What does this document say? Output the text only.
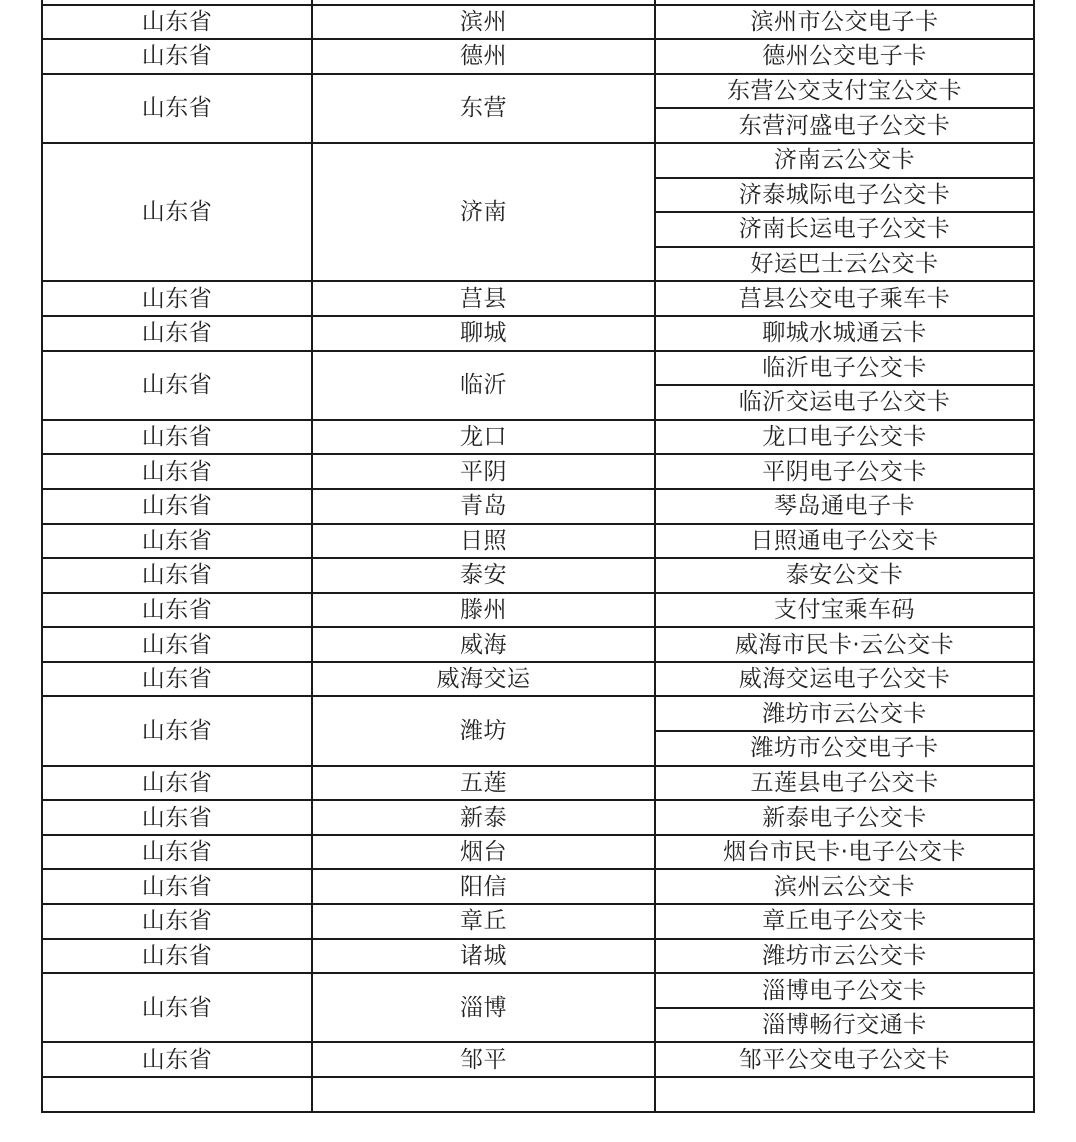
山东省	滨州	滨州市公交电子卡
山东省	德州	德州公交电子卡
山东省	东营	东营公交支付宝公交卡
		东营河盛电子公交卡
山东省	济南	济南云公交卡
		济泰城际电子公交卡
		济南长运电子公交卡
		好运巴士云公交卡
山东省	莒县	莒县公交电子乘车卡
山东省	聊城	聊城水城通云卡
山东省	临沂	临沂电子公交卡
		临沂交运电子公交卡
山东省	龙口	龙口电子公交卡
山东省	平阴	平阴电子公交卡
山东省	青岛	琴岛通电子卡
山东省	日照	日照通电子公交卡
山东省	泰安	泰安公交卡
山东省	滕州	支付宝乘车码
山东省	威海	威海市民卡·云公交卡
山东省	威海交运	威海交运电子公交卡
山东省	潍坊	潍坊市云公交卡
		潍坊市公交电子卡
山东省	五莲	五莲县电子公交卡
山东省	新泰	新泰电子公交卡
山东省	烟台	烟台市民卡·电子公交卡
山东省	阳信	滨州云公交卡
山东省	章丘	章丘电子公交卡
山东省	诸城	潍坊市云公交卡
山东省	淄博	淄博电子公交卡
		淄博畅行交通卡
山东省	邹平	邹平公交电子公交卡
